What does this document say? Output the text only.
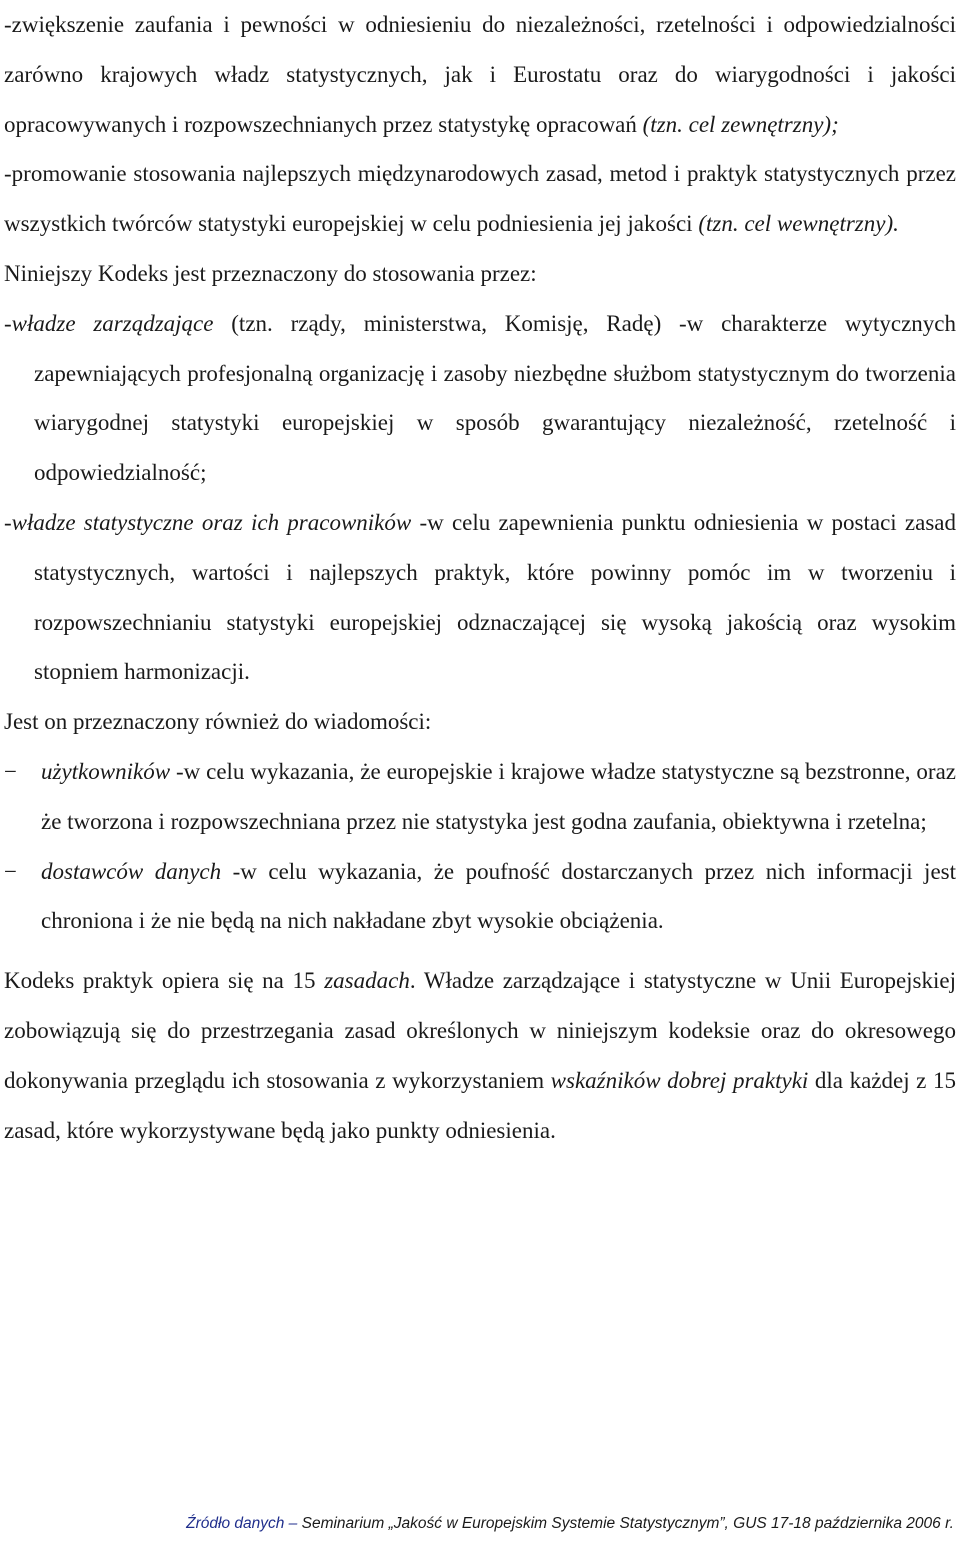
-zwiększenie zaufania i pewności w odniesieniu do niezależności, rzetelności i odpowiedzialności zarówno krajowych władz statystycznych, jak i Eurostatu oraz do wiarygodności i jakości opracowywanych i rozpowszechnianych przez statystykę opracowań (tzn. cel zewnętrzny);

-promowanie stosowania najlepszych międzynarodowych zasad, metod i praktyk statystycznych przez wszystkich twórców statystyki europejskiej w celu podniesienia jej jakości (tzn. cel wewnętrzny).

Niniejszy Kodeks jest przeznaczony do stosowania przez:

-władze zarządzające (tzn. rządy, ministerstwa, Komisję, Radę) -w charakterze wytycznych zapewniających profesjonalną organizację i zasoby niezbędne służbom statystycznym do tworzenia wiarygodnej statystyki europejskiej w sposób gwarantujący niezależność, rzetelność i odpowiedzialność;

-władze statystyczne oraz ich pracowników -w celu zapewnienia punktu odniesienia w postaci zasad statystycznych, wartości i najlepszych praktyk, które powinny pomóc im w tworzeniu i rozpowszechnianiu statystyki europejskiej odznaczającej się wysoką jakością oraz wysokim stopniem harmonizacji.

Jest on przeznaczony również do wiadomości:

−	użytkowników -w celu wykazania, że europejskie i krajowe władze statystyczne są bezstronne, oraz że tworzona i rozpowszechniana przez nie statystyka jest godna zaufania, obiektywna i rzetelna;

−	dostawców danych -w celu wykazania, że poufność dostarczanych przez nich informacji jest chroniona i że nie będą na nich nakładane zbyt wysokie obciążenia.

Kodeks praktyk opiera się na 15 zasadach. Władze zarządzające i statystyczne w Unii Europejskiej zobowiązują się do przestrzegania zasad określonych w niniejszym kodeksie oraz do okresowego dokonywania przeglądu ich stosowania z wykorzystaniem wskaźników dobrej praktyki dla każdej z 15 zasad, które wykorzystywane będą jako punkty odniesienia.

Źródło danych – Seminarium „Jakość w Europejskim Systemie Statystycznym”, GUS 17-18 października 2006 r.
